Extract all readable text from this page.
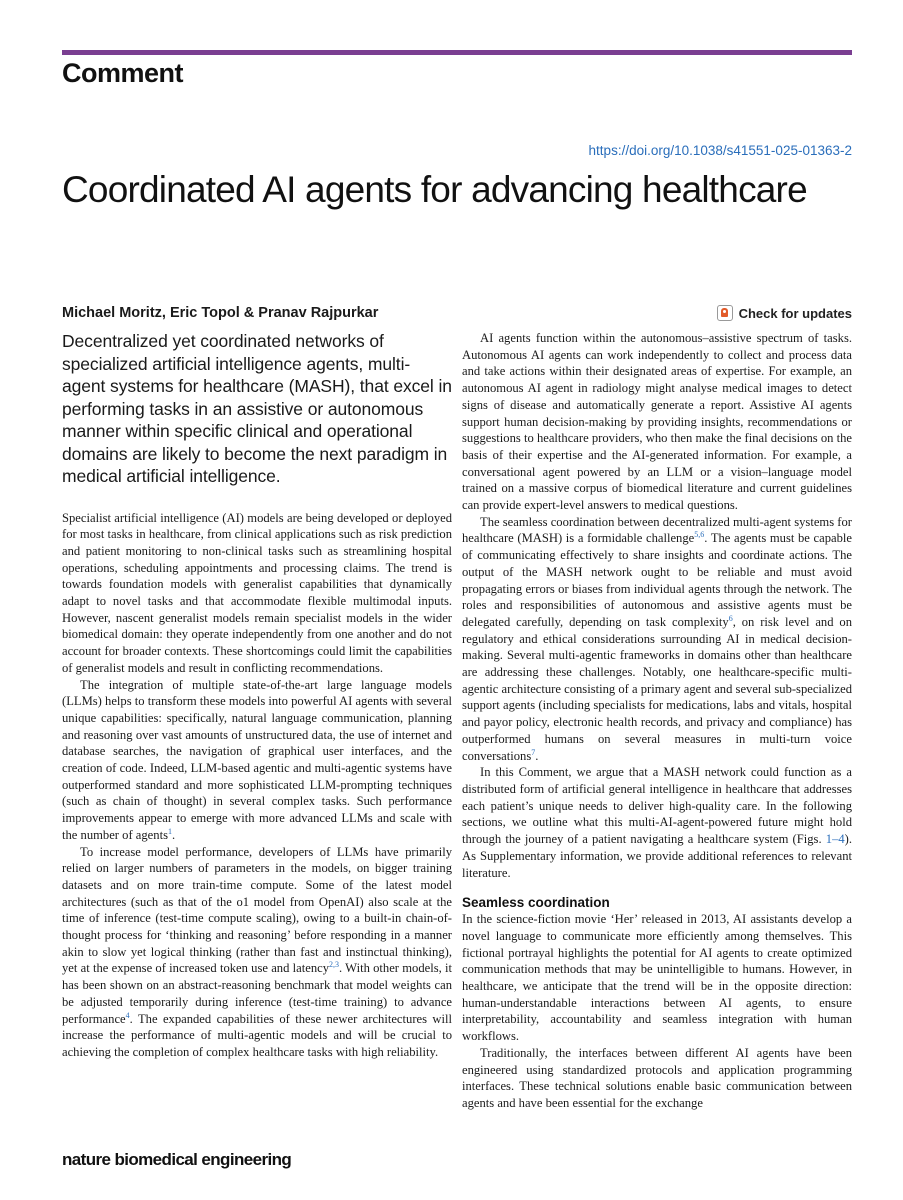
Comment
https://doi.org/10.1038/s41551-025-01363-2
Coordinated AI agents for advancing healthcare
Michael Moritz, Eric Topol & Pranav Rajpurkar	Check for updates

Decentralized yet coordinated networks of specialized artificial intelligence agents, multi-agent systems for healthcare (MASH), that excel in performing tasks in an assistive or autonomous manner within specific clinical and operational domains are likely to become the next paradigm in medical artificial intelligence.

Specialist artificial intelligence (AI) models are being developed or deployed for most tasks in healthcare, from clinical applications such as risk prediction and patient monitoring to non-clinical tasks such as streamlining hospital operations, scheduling appointments and processing claims. The trend is towards foundation models with generalist capabilities that dynamically adapt to novel tasks and that accommodate flexible multimodal inputs. However, nascent generalist models remain specialist models in the wider biomedical domain: they operate independently from one another and do not account for broader contexts. These shortcomings could limit the capabilities of generalist models and result in conflicting recommendations.

The integration of multiple state-of-the-art large language models (LLMs) helps to transform these models into powerful AI agents with several unique capabilities: specifically, natural language communication, planning and reasoning over vast amounts of unstructured data, the use of internet and database searches, the navigation of graphical user interfaces, and the creation of code. Indeed, LLM-based agentic and multi-agentic systems have outperformed standard and more sophisticated LLM-prompting techniques (such as chain of thought) in several complex tasks. Such performance improvements appear to emerge with more advanced LLMs and scale with the number of agents$^1$.

To increase model performance, developers of LLMs have primarily relied on larger numbers of parameters in the models, on bigger training datasets and on more train-time compute. Some of the latest model architectures (such as that of the o1 model from OpenAI) also scale at the time of inference (test-time compute scaling), owing to a built-in chain-of-thought process for ‘thinking and reasoning’ before responding in a manner akin to slow yet logical thinking (rather than fast and instinctual thinking), yet at the expense of increased token use and latency$^{2,3}$. With other models, it has been shown on an abstract-reasoning benchmark that model weights can be adjusted temporarily during inference (test-time training) to advance performance$^4$. The expanded capabilities of these newer architectures will increase the performance of multi-agentic models and will be crucial to achieving the completion of complex healthcare tasks with high reliability.

AI agents function within the autonomous–assistive spectrum of tasks. Autonomous AI agents can work independently to collect and process data and take actions within their designated areas of expertise. For example, an autonomous AI agent in radiology might analyse medical images to detect signs of disease and automatically generate a report. Assistive AI agents support human decision-making by providing insights, recommendations or suggestions to healthcare providers, who then make the final decisions on the basis of their expertise and the AI-generated information. For example, a conversational agent powered by an LLM or a vision–language model trained on a massive corpus of biomedical literature and current guidelines can provide expert-level answers to medical questions.

The seamless coordination between decentralized multi-agent systems for healthcare (MASH) is a formidable challenge$^{5,6}$. The agents must be capable of communicating effectively to share insights and coordinate actions. The output of the MASH network ought to be reliable and must avoid propagating errors or biases from individual agents through the network. The roles and responsibilities of autonomous and assistive agents must be delegated carefully, depending on task complexity$^6$, on risk level and on regulatory and ethical considerations surrounding AI in medical decision-making. Several multi-agentic frameworks in domains other than healthcare are addressing these challenges. Notably, one healthcare-specific multi-agentic architecture consisting of a primary agent and several sub-specialized support agents (including specialists for medications, labs and vitals, hospital and payor policy, electronic health records, and privacy and compliance) has outperformed humans on several measures in multi-turn voice conversations$^7$.

In this Comment, we argue that a MASH network could function as a distributed form of artificial general intelligence in healthcare that addresses each patient’s unique needs to deliver high-quality care. In the following sections, we outline what this multi-AI-agent-powered future might hold through the journey of a patient navigating a healthcare system (Figs. 1–4). As Supplementary information, we provide additional references to relevant literature.

Seamless coordination

In the science-fiction movie ‘Her’ released in 2013, AI assistants develop a novel language to communicate more efficiently among themselves. This fictional portrayal highlights the potential for AI agents to create optimized communication methods that may be unintelligible to humans. However, in healthcare, we anticipate that the trend will be in the opposite direction: human-understandable interactions between AI agents, to ensure interpretability, accountability and seamless integration with human workflows.

Traditionally, the interfaces between different AI agents have been engineered using standardized protocols and application programming interfaces. These technical solutions enable basic communication between agents and have been essential for the exchange

nature biomedical engineering
